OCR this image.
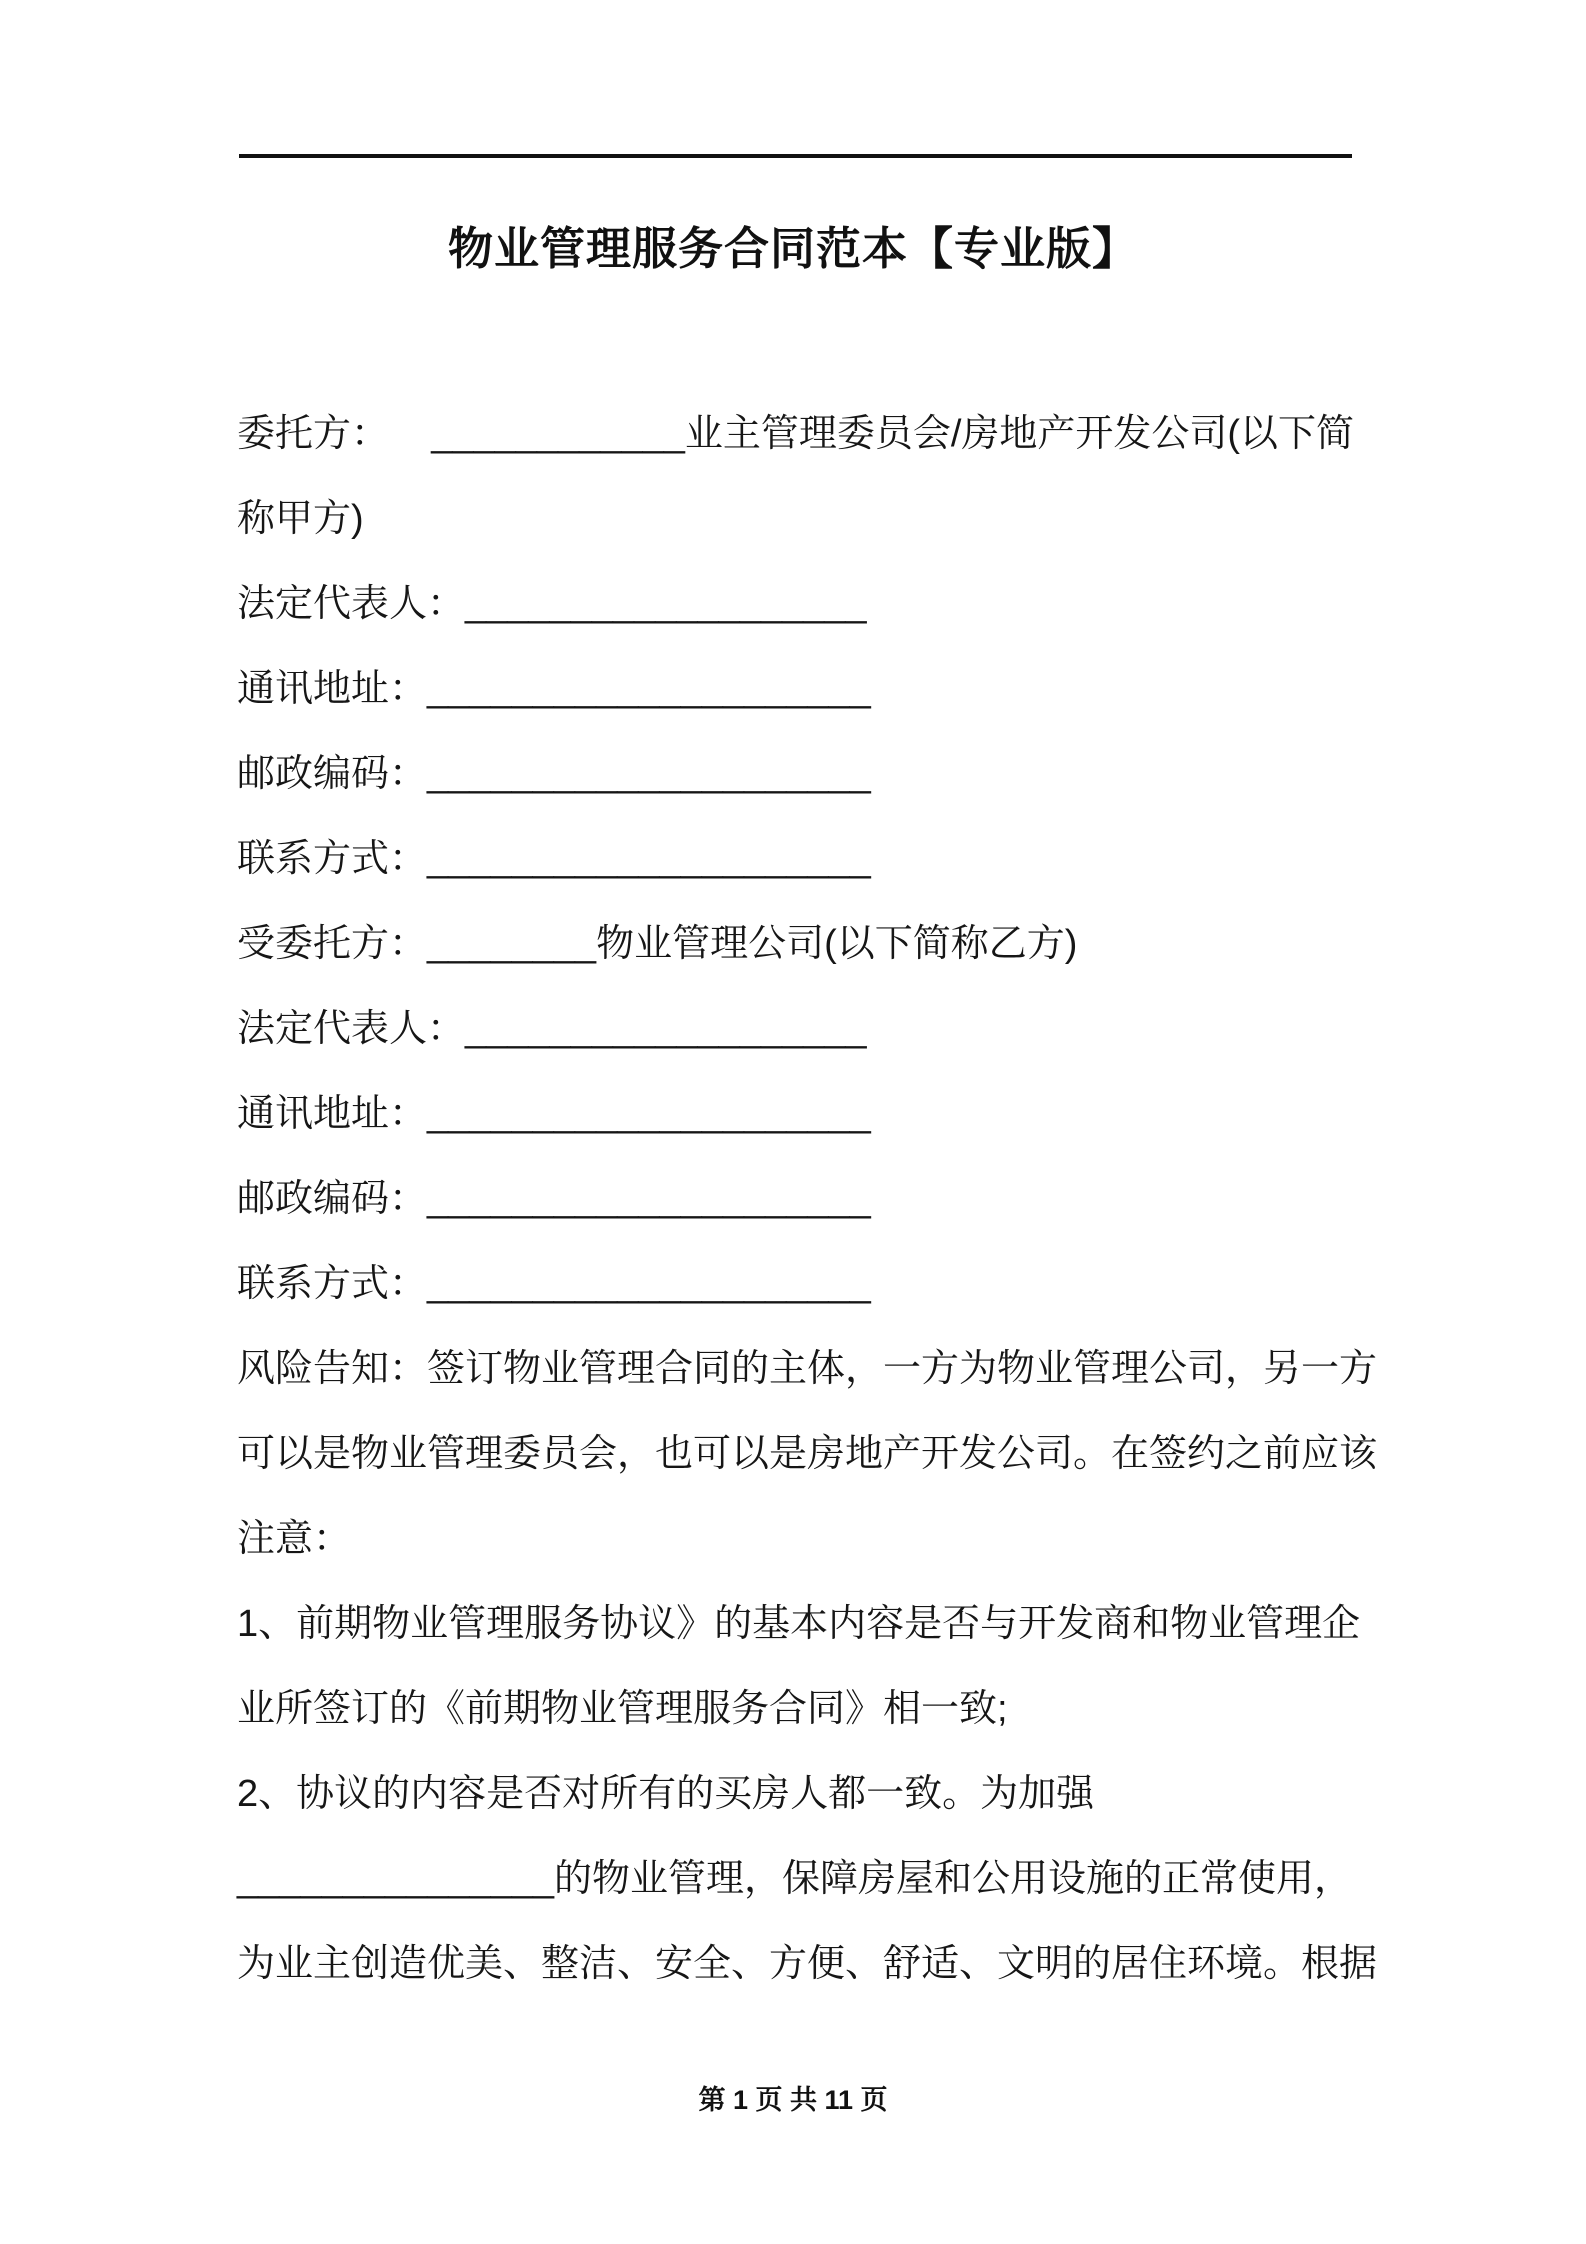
物业管理服务合同范本【专业版】
委托方：    ____________业主管理委员会/房地产开发公司(以下简
称甲方)
法定代表人：___________________
通讯地址：_____________________
邮政编码：_____________________
联系方式：_____________________
受委托方：________物业管理公司(以下简称乙方)
法定代表人：___________________
通讯地址：_____________________
邮政编码：_____________________
联系方式：_____________________
风险告知：签订物业管理合同的主体，一方为物业管理公司，另一方
可以是物业管理委员会，也可以是房地产开发公司。在签约之前应该
注意：
1、前期物业管理服务协议》的基本内容是否与开发商和物业管理企
业所签订的《前期物业管理服务合同》相一致;
2、协议的内容是否对所有的买房人都一致。为加强
_______________的物业管理，保障房屋和公用设施的正常使用，
为业主创造优美、整洁、安全、方便、舒适、文明的居住环境。根据
第 1 页 共 11 页
